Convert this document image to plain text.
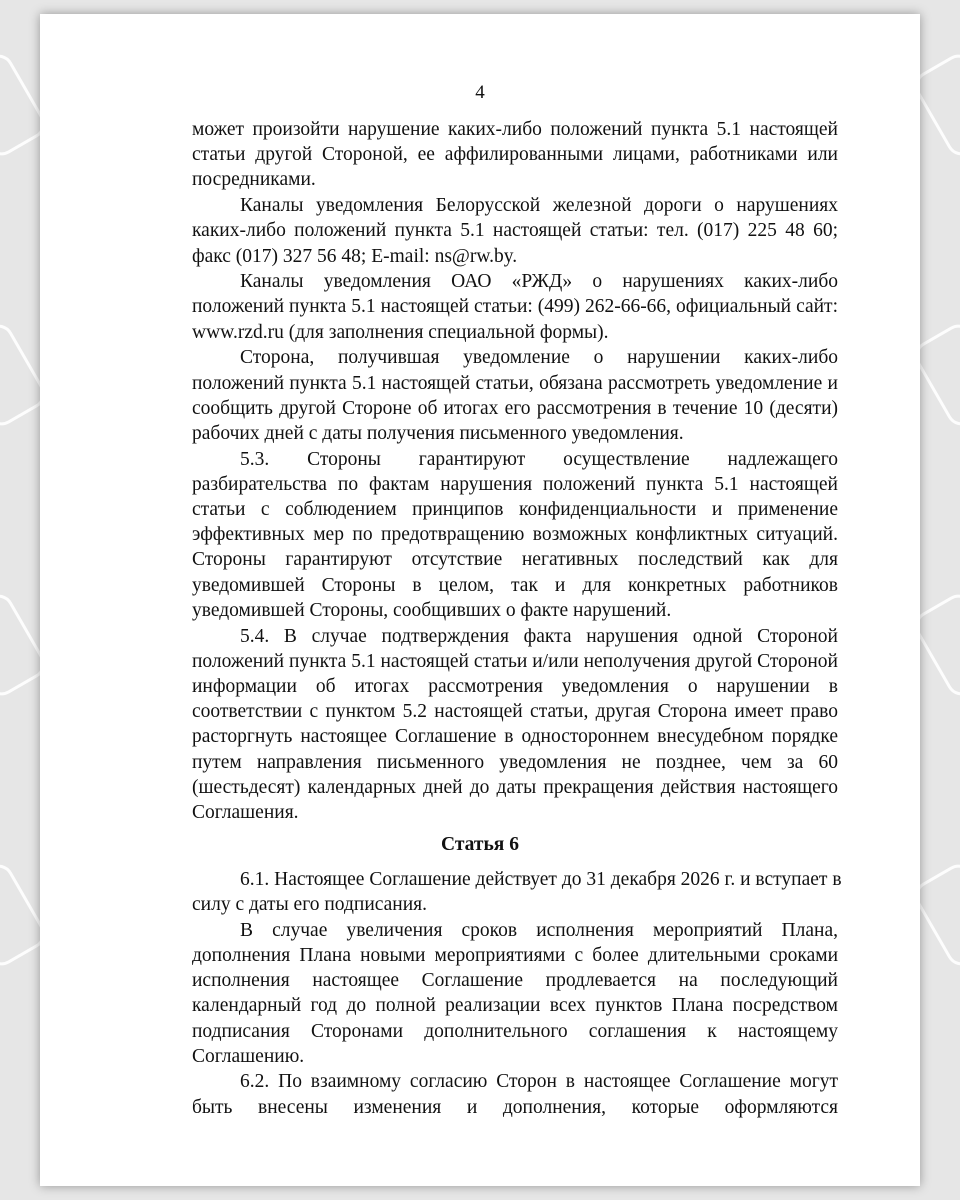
4
может произойти нарушение каких-либо положений пункта 5.1 настоящей
статьи другой Стороной, ее аффилированными лицами, работниками или
посредниками.
Каналы уведомления Белорусской железной дороги о нарушениях
каких-либо положений пункта 5.1 настоящей статьи: тел. (017) 225 48 60;
факс (017) 327 56 48; E-mail: ns@rw.by.
Каналы уведомления ОАО «РЖД» о нарушениях каких-либо
положений пункта 5.1 настоящей статьи: (499) 262-66-66, официальный сайт:
www.rzd.ru (для заполнения специальной формы).
Сторона, получившая уведомление о нарушении каких-либо
положений пункта 5.1 настоящей статьи, обязана рассмотреть уведомление и
сообщить другой Стороне об итогах его рассмотрения в течение 10 (десяти)
рабочих дней с даты получения письменного уведомления.
5.3. Стороны гарантируют осуществление надлежащего
разбирательства по фактам нарушения положений пункта 5.1 настоящей
статьи с соблюдением принципов конфиденциальности и применение
эффективных мер по предотвращению возможных конфликтных ситуаций.
Стороны гарантируют отсутствие негативных последствий как для
уведомившей Стороны в целом, так и для конкретных работников
уведомившей Стороны, сообщивших о факте нарушений.
5.4. В случае подтверждения факта нарушения одной Стороной
положений пункта 5.1 настоящей статьи и/или неполучения другой Стороной
информации об итогах рассмотрения уведомления о нарушении в
соответствии с пунктом 5.2 настоящей статьи, другая Сторона имеет право
расторгнуть настоящее Соглашение в одностороннем внесудебном порядке
путем направления письменного уведомления не позднее, чем за 60
(шестьдесят) календарных дней до даты прекращения действия настоящего
Соглашения.
Статья 6
6.1. Настоящее Соглашение действует до 31 декабря 2026 г. и вступает в
силу с даты его подписания.
В случае увеличения сроков исполнения мероприятий Плана,
дополнения Плана новыми мероприятиями с более длительными сроками
исполнения настоящее Соглашение продлевается на последующий
календарный год до полной реализации всех пунктов Плана посредством
подписания Сторонами дополнительного соглашения к настоящему
Соглашению.
6.2. По взаимному согласию Сторон в настоящее Соглашение могут
быть внесены изменения и дополнения, которые оформляются
